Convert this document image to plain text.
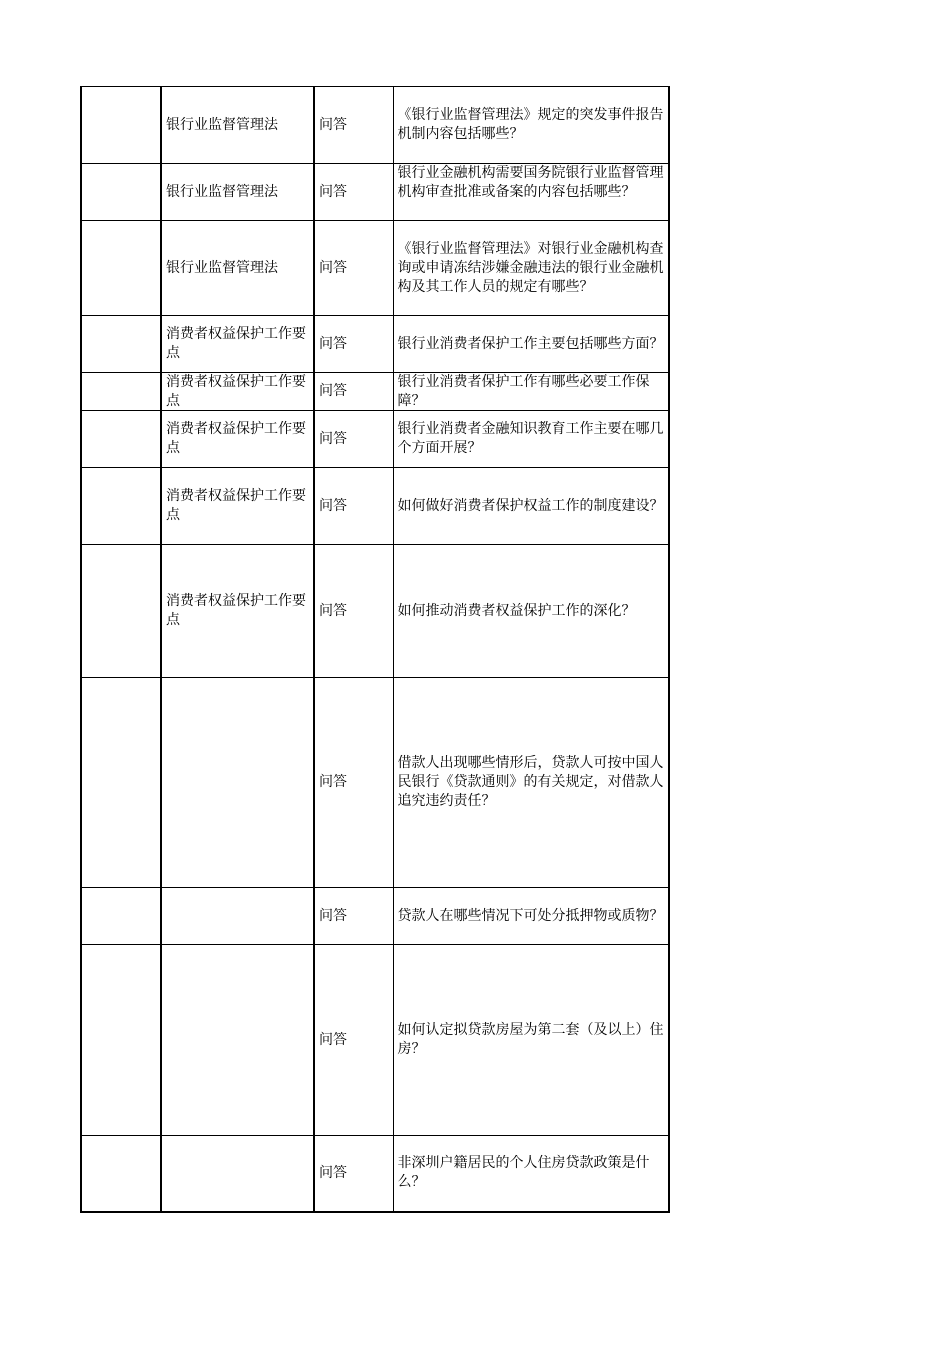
	银行业监督管理法	问答	《银行业监督管理法》规定的突发事件报告机制内容包括哪些？
	银行业监督管理法	问答	银行业金融机构需要国务院银行业监督管理机构审查批准或备案的内容包括哪些？

	银行业监督管理法	问答	《银行业监督管理法》对银行业金融机构查询或申请冻结涉嫌金融违法的银行业金融机构及其工作人员的规定有哪些？
	消费者权益保护工作要点	问答	银行业消费者保护工作主要包括哪些方面？

	消费者权益保护工作要点	问答	银行业消费者保护工作有哪些必要工作保障？

	消费者权益保护工作要点	问答	银行业消费者金融知识教育工作主要在哪几个方面开展？
	消费者权益保护工作要点	问答	如何做好消费者保护权益工作的制度建设？
	消费者权益保护工作要点	问答	如何推动消费者权益保护工作的深化？
		问答	借款人出现哪些情形后，贷款人可按中国人民银行《贷款通则》的有关规定，对借款人追究违约责任？
		问答	贷款人在哪些情况下可处分抵押物或质物？
		问答	如何认定拟贷款房屋为第二套（及以上）住房？
		问答	非深圳户籍居民的个人住房贷款政策是什么？
